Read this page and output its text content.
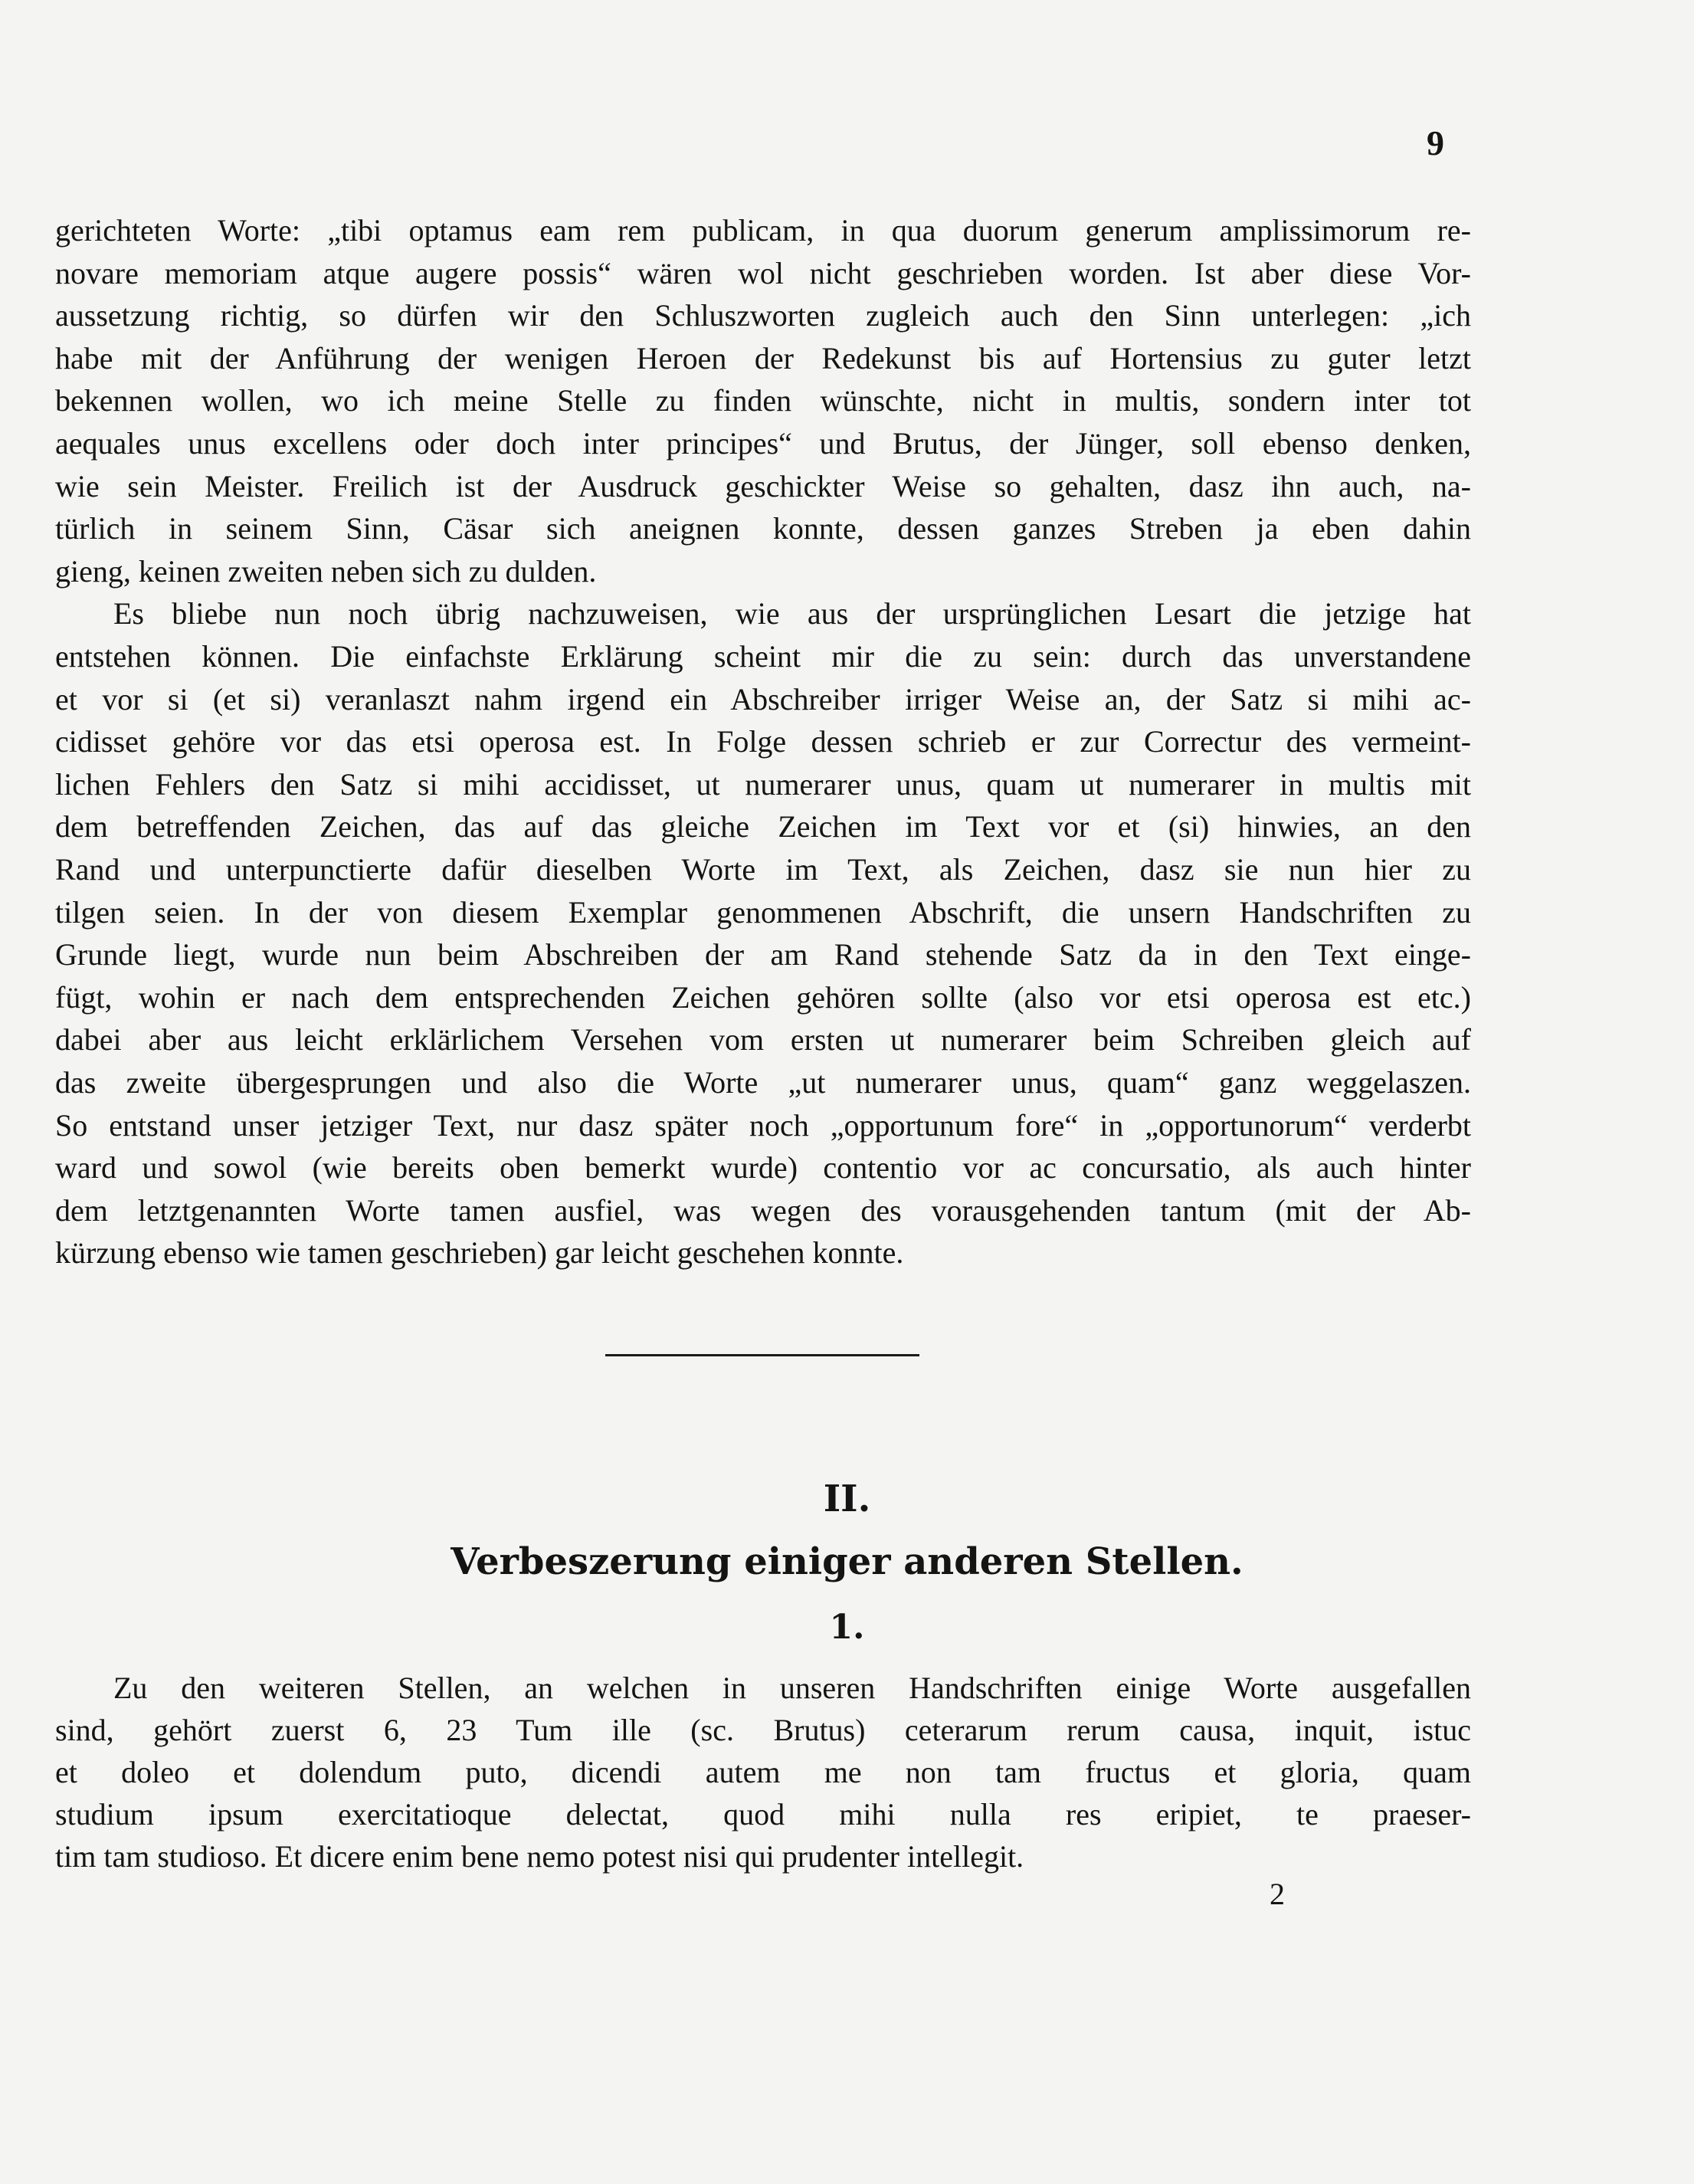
9
gerichteten Worte: „tibi optamus eam rem publicam, in qua duorum generum amplissimorum re-
novare memoriam atque augere possis“ wären wol nicht geschrieben worden. Ist aber diese Vor-
aussetzung richtig, so dürfen wir den Schluszworten zugleich auch den Sinn unterlegen: „ich
habe mit der Anführung der wenigen Heroen der Redekunst bis auf Hortensius zu guter letzt
bekennen wollen, wo ich meine Stelle zu finden wünschte, nicht in multis, sondern inter tot
aequales unus excellens oder doch inter principes“ und Brutus, der Jünger, soll ebenso denken,
wie sein Meister. Freilich ist der Ausdruck geschickter Weise so gehalten, dasz ihn auch, na-
türlich in seinem Sinn, Cäsar sich aneignen konnte, dessen ganzes Streben ja eben dahin
gieng, keinen zweiten neben sich zu dulden.
Es bliebe nun noch übrig nachzuweisen, wie aus der ursprünglichen Lesart die jetzige hat
entstehen können. Die einfachste Erklärung scheint mir die zu sein: durch das unverstandene
et vor si (et si) veranlaszt nahm irgend ein Abschreiber irriger Weise an, der Satz si mihi ac-
cidisset gehöre vor das etsi operosa est. In Folge dessen schrieb er zur Correctur des vermeint-
lichen Fehlers den Satz si mihi accidisset, ut numerarer unus, quam ut numerarer in multis mit
dem betreffenden Zeichen, das auf das gleiche Zeichen im Text vor et (si) hinwies, an den
Rand und unterpunctierte dafür dieselben Worte im Text, als Zeichen, dasz sie nun hier zu
tilgen seien. In der von diesem Exemplar genommenen Abschrift, die unsern Handschriften zu
Grunde liegt, wurde nun beim Abschreiben der am Rand stehende Satz da in den Text einge-
fügt, wohin er nach dem entsprechenden Zeichen gehören sollte (also vor etsi operosa est etc.)
dabei aber aus leicht erklärlichem Versehen vom ersten ut numerarer beim Schreiben gleich auf
das zweite übergesprungen und also die Worte „ut numerarer unus, quam“ ganz weggelaszen.
So entstand unser jetziger Text, nur dasz später noch „opportunum fore“ in „opportunorum“ verderbt
ward und sowol (wie bereits oben bemerkt wurde) contentio vor ac concursatio, als auch hinter
dem letztgenannten Worte tamen ausfiel, was wegen des vorausgehenden tantum (mit der Ab-
kürzung ebenso wie tamen geschrieben) gar leicht geschehen konnte.
II.
Verbeszerung einiger anderen Stellen.
1.
Zu den weiteren Stellen, an welchen in unseren Handschriften einige Worte ausgefallen
sind, gehört zuerst 6, 23 Tum ille (sc. Brutus) ceterarum rerum causa, inquit, istuc
et doleo et dolendum puto, dicendi autem me non tam fructus et gloria, quam
studium ipsum exercitatioque delectat, quod mihi nulla res eripiet, te praeser-
tim tam studioso. Et dicere enim bene nemo potest nisi qui prudenter intellegit.
2
